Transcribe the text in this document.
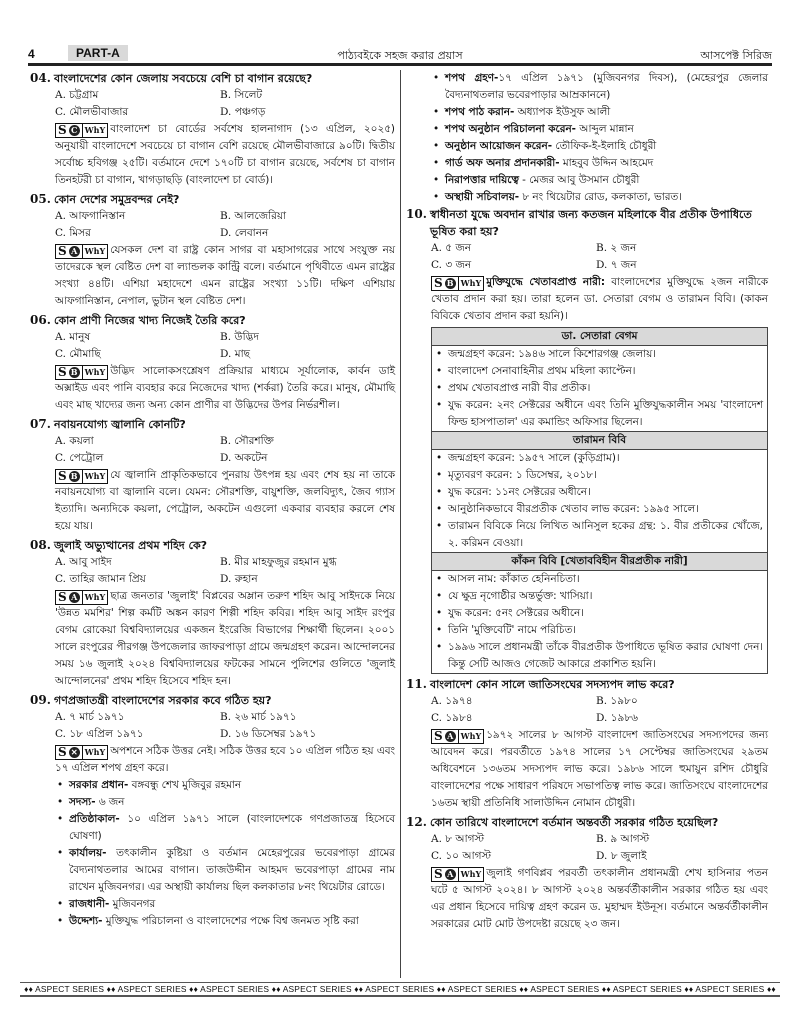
4	PART-A	পাঠ্যবইকে সহজ করার প্রয়াস	আসপেক্ট সিরিজ
04. বাংলাদেশের কোন জেলায় সবচেয়ে বেশি চা বাগান রয়েছে?
A. চট্টগ্রাম	B. সিলেট
C. মৌলভীবাজার	D. পঞ্চগড়
S C WhY বাংলাদেশ চা বোর্ডের সর্বশেষ হালনাগাদ (১৩ এপ্রিল, ২০২৫) অনুযায়ী বাংলাদেশে সবচেয়ে চা বাগান বেশি রয়েছে মৌলভীবাজারে ৯০টি। দ্বিতীয় সর্বোচ্চ হবিগঞ্জ ২৫টি। বর্তমানে দেশে ১৭০টি চা বাগান রয়েছে, সর্বশেষ চা বাগান তিনহটরী চা বাগান, খাগড়াছড়ি (বাংলাদেশ চা বোর্ড)।
05. কোন দেশের সমুদ্রবন্দর নেই?
A. আফগানিস্তান	B. আলজেরিয়া
C. মিসর	D. লেবানন
S A WhY যেসকল দেশ বা রাষ্ট্র কোন সাগর বা মহাসাগরের সাথে সংযুক্ত নয় তাদেরকে স্থল বেষ্টিত দেশ বা ল্যান্ডলক কান্ট্রি বলে। বর্তমানে পৃথিবীতে এমন রাষ্ট্রের সংখ্যা ৪৪টি। এশিয়া মহাদেশে এমন রাষ্ট্রের সংখ্যা ১১টি। দক্ষিণ এশিয়ায় আফগানিস্তান, নেপাল, ভুটান স্থল বেষ্টিত দেশ।
06. কোন প্রাণী নিজের খাদ্য নিজেই তৈরি করে?
A. মানুষ	B. উদ্ভিদ
C. মৌমাছি	D. মাছ
S B WhY উদ্ভিদ সালোকসংশ্লেষণ প্রক্রিয়ার মাধ্যমে সূর্যালোক, কার্বন ডাই অক্সাইড এবং পানি ব্যবহার করে নিজেদের খাদ্য (শর্করা) তৈরি করে। মানুষ, মৌমাছি এবং মাছ খাদ্যের জন্য অন্য কোন প্রাণীর বা উদ্ভিদের উপর নির্ভরশীল।
07. নবায়নযোগ্য জ্বালানি কোনটি?
A. কয়লা	B. সৌরশক্তি
C. পেট্রোল	D. অকটেন
S B WhY যে জ্বালানি প্রাকৃতিকভাবে পুনরায় উৎপন্ন হয় এবং শেষ হয় না তাকে নবায়নযোগ্য বা জ্বালানি বলে। যেমন: সৌরশক্তি, বায়ুশক্তি, জলবিদ্যুৎ, জৈব গ্যাস ইত্যাদি। অন্যদিকে কয়লা, পেট্রোল, অকটেন এগুলো একবার ব্যবহার করলে শেষ হয়ে যায়।
08. জুলাই অভ্যুত্থানের প্রথম শহিদ কে?
A. আবু সাইদ	B. মীর মাহফুজুর রহমান মুগ্ধ
C. তাহির জামান প্রিয়	D. রুহান
S A WhY ছাত্র জনতার 'জুলাই' বিপ্লবের অম্লান তরুণ শহিদ আবু সাইদকে নিয়ে 'উন্নত মমশির' শিল্প কর্মটি অঙ্কন কারণ শিল্পী শহিদ কবির। শহিদ আবু সাইদ রংপুর বেগম রোকেয়া বিশ্ববিদ্যালয়ের একজন ইংরেজি বিভাগের শিক্ষার্থী ছিলেন। ২০০১ সালে রংপুরের পীরগঞ্জ উপজেলার জাফরপাড়া গ্রামে জন্মগ্রহণ করেন। আন্দোলনের সময় ১৬ জুলাই ২০২৪ বিশ্ববিদ্যালয়ের ফটকের সামনে পুলিশের গুলিতে 'জুলাই আন্দোলনের' প্রথম শহিদ হিসেবে শহিদ হন।
09. গণপ্রজাতন্ত্রী বাংলাদেশের সরকার কবে গঠিত হয়?
A. ৭ মার্চ ১৯৭১	B. ২৬ মার্চ ১৯৭১
C. ১৮ এপ্রিল ১৯৭১	D. ১৬ ডিসেম্বর ১৯৭১
S ✕ WhY অপশনে সঠিক উত্তর নেই। সঠিক উত্তর হবে ১০ এপ্রিল গঠিত হয় এবং ১৭ এপ্রিল শপথ গ্রহণ করে।
• সরকার প্রধান- বঙ্গবন্ধু শেখ মুজিবুর রহমান
• সদস্য- ৬ জন
• প্রতিষ্ঠাকাল- ১০ এপ্রিল ১৯৭১ সালে (বাংলাদেশকে গণপ্রজাতন্ত্র হিসেবে ঘোষণা)
• কার্যালয়- তৎকালীন কুষ্টিয়া ও বর্তমান মেহেরপুরের ভবেরপাড়া গ্রামের বৈদ্যনাথতলার আমের বাগান। তাজউদ্দীন আহমদ ভবেরপাড়া গ্রামের নাম রাখেন মুজিবনগর। এর অস্থায়ী কার্যালয় ছিল কলকাতার ৮নং থিয়েটার রোডে।
• রাজধানী- মুজিবনগর
• উদ্দেশ্য- মুক্তিযুদ্ধ পরিচালনা ও বাংলাদেশের পক্ষে বিশ্ব জনমত সৃষ্টি করা
• শপথ গ্রহণ-১৭ এপ্রিল ১৯৭১ (মুজিবনগর দিবস), (মেহেরপুর জেলার বৈদ্যনাথতলার ভবেরপাড়ার আম্রকাননে)
• শপথ পাঠ করান- অধ্যাপক ইউসুফ আলী
• শপথ অনুষ্ঠান পরিচালনা করেন- আব্দুল মান্নান
• অনুষ্ঠান আয়োজন করেন- তৌফিক-ই-ইলাহি চৌধুরী
• গার্ড অফ অনার প্রদানকারী- মাহবুব উদ্দিন আহমেদ
• নিরাপত্তার দায়িত্বে - মেজর আবু উসমান চৌধুরী
• অস্থায়ী সচিবালয়- ৮ নং থিয়েটার রোড, কলকাতা, ভারত।
10. স্বাধীনতা যুদ্ধে অবদান রাখার জন্য কতজন মহিলাকে বীর প্রতীক উপাধিতে ভূষিত করা হয়?
A. ৫ জন	B. ২ জন
C. ৩ জন	D. ৭ জন
S B WhY মুক্তিযুদ্ধে খেতাবপ্রাপ্ত নারী: বাংলাদেশের মুক্তিযুদ্ধে ২জন নারীকে খেতাব প্রদান করা হয়। তারা হলেন ডা. সেতারা বেগম ও তারামন বিবি। (কাকন বিবিকে খেতাব প্রদান করা হয়নি)।
ডা. সেতারা বেগম
• জন্মগ্রহণ করেন: ১৯৪৬ সালে কিশোরগঞ্জ জেলায়।
• বাংলাদেশ সেনাবাহিনীর প্রথম মহিলা ক্যাপ্টেন।
• প্রথম খেতাবপ্রাপ্ত নারী বীর প্রতীক।
• যুদ্ধ করেন: ২নং সেক্টরের অধীনে এবং তিনি মুক্তিযুদ্ধকালীন সময় 'বাংলাদেশ ফিল্ড হাসপাতাল' এর কমান্ডিং অফিসার ছিলেন।
তারামন বিবি
• জন্মগ্রহণ করেন: ১৯৫৭ সালে (কুড়িগ্রাম)।
• মৃত্যুবরণ করেন: ১ ডিসেম্বর, ২০১৮।
• যুদ্ধ করেন: ১১নং সেক্টরের অধীনে।
• আনুষ্ঠানিকভাবে বীরপ্রতীক খেতাব লাভ করেন: ১৯৯৫ সালে।
• তারামন বিবিকে নিয়ে লিখিত আনিসুল হকের গ্রন্থ: ১. বীর প্রতীকের খোঁজে, ২. করিমন বেওয়া।
কাঁকন বিবি [খেতাববিহীন বীরপ্রতীক নারী]
• আসল নাম: কাঁকাত হেনিনচিতা।
• যে ক্ষুদ্র নৃগোষ্ঠীর অন্তর্ভুক্ত: খাসিয়া।
• যুদ্ধ করেন: ৫নং সেক্টরের অধীনে।
• তিনি 'মুক্তিবেটি' নামে পরিচিত।
• ১৯৯৬ সালে প্রধানমন্ত্রী তাঁকে বীরপ্রতীক উপাধিতে ভূষিত করার ঘোষণা দেন। কিন্তু সেটি আজও গেজেট আকারে প্রকাশিত হয়নি।
11. বাংলাদেশ কোন সালে জাতিসংঘের সদস্যপদ লাভ করে?
A. ১৯৭৪	B. ১৯৮০
C. ১৯৮৪	D. ১৯৮৬
S A WhY ১৯৭২ সালের ৮ আগস্ট বাংলাদেশ জাতিসংঘের সদস্যপদের জন্য আবেদন করে। পরবর্তীতে ১৯৭৪ সালের ১৭ সেপ্টেম্বর জাতিসংঘের ২৯তম অধিবেশনে ১৩৬তম সদস্যপদ লাভ করে। ১৯৮৬ সালে হুমায়ুন রশিদ চৌধুরি বাংলাদেশের পক্ষে সাধারণ পরিষদে সভাপতিত্ব লাভ করে। জাতিসংঘে বাংলাদেশের ১৬তম স্থায়ী প্রতিনিধি সালাউদ্দিন নোমান চৌধুরী।
12. কোন তারিখে বাংলাদেশে বর্তমান অন্তবর্তী সরকার গঠিত হয়েছিল?
A. ৮ আগস্ট	B. ৯ আগস্ট
C. ১০ আগস্ট	D. ৮ জুলাই
S A WhY জুলাই গণবিপ্লব পরবর্তী তৎকালীন প্রধানমন্ত্রী শেখ হাসিনার পতন ঘটে ৫ আগস্ট ২০২৪। ৮ আগস্ট ২০২৪ অন্তর্বর্তীকালীন সরকার গঠিত হয় এবং এর প্রধান হিসেবে দায়িত্ব গ্রহণ করেন ড. মুহাম্মদ ইউনূস। বর্তমানে অন্তর্বর্তীকালীন সরকারের মোট মোট উপদেষ্টা রয়েছে ২৩ জন।
♦♦ ASPECT SERIES ♦♦ ASPECT SERIES ♦♦ ASPECT SERIES ♦♦ ASPECT SERIES ♦♦ ASPECT SERIES ♦♦ ASPECT SERIES ♦♦ ASPECT SERIES ♦♦ ASPECT SERIES ♦♦ ASPECT SERIES ♦♦
